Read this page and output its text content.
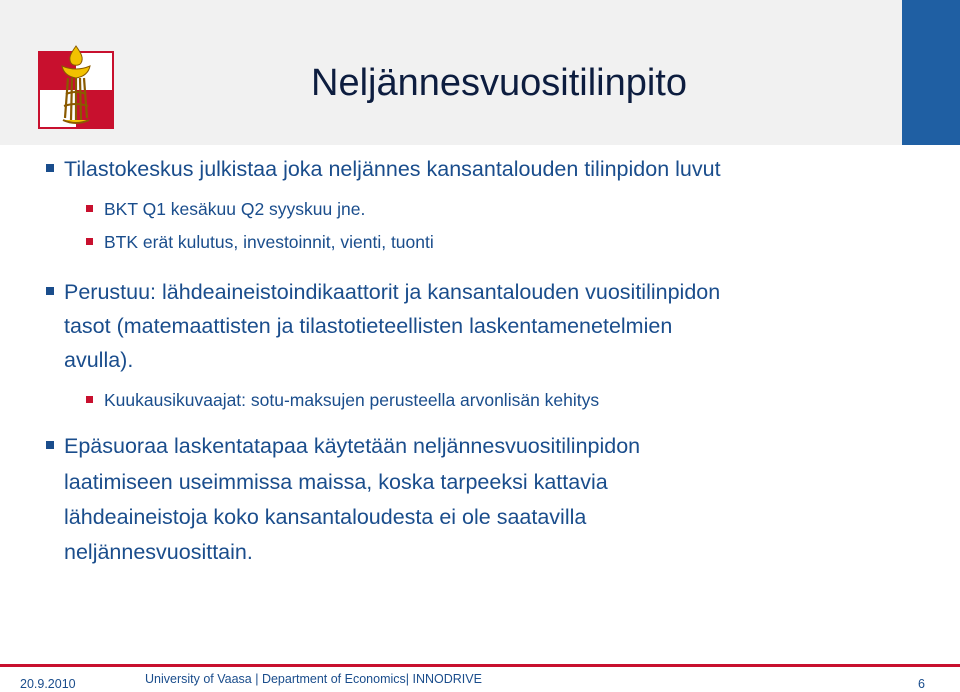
Neljännesvuositilinpito
Tilastokeskus julkistaa joka neljännes kansantalouden tilinpidon luvut
BKT Q1 kesäkuu Q2 syyskuu jne.
BTK erät kulutus, investoinnit, vienti, tuonti
Perustuu: lähdeaineistoindikaattorit ja kansantalouden vuositilinpidon
tasot (matemaattisten ja tilastotieteellisten laskentamenetelmien
avulla).
Kuukausikuvaajat: sotu-maksujen perusteella arvonlisän kehitys
Epäsuoraa laskentatapaa käytetään neljännesvuositilinpidon
laatimiseen useimmissa maissa, koska tarpeeksi kattavia
lähdeaineistoja koko kansantaloudesta ei ole saatavilla
neljännesvuosittain.
20.9.2010	University of Vaasa | Department of Economics| INNODRIVE	6
